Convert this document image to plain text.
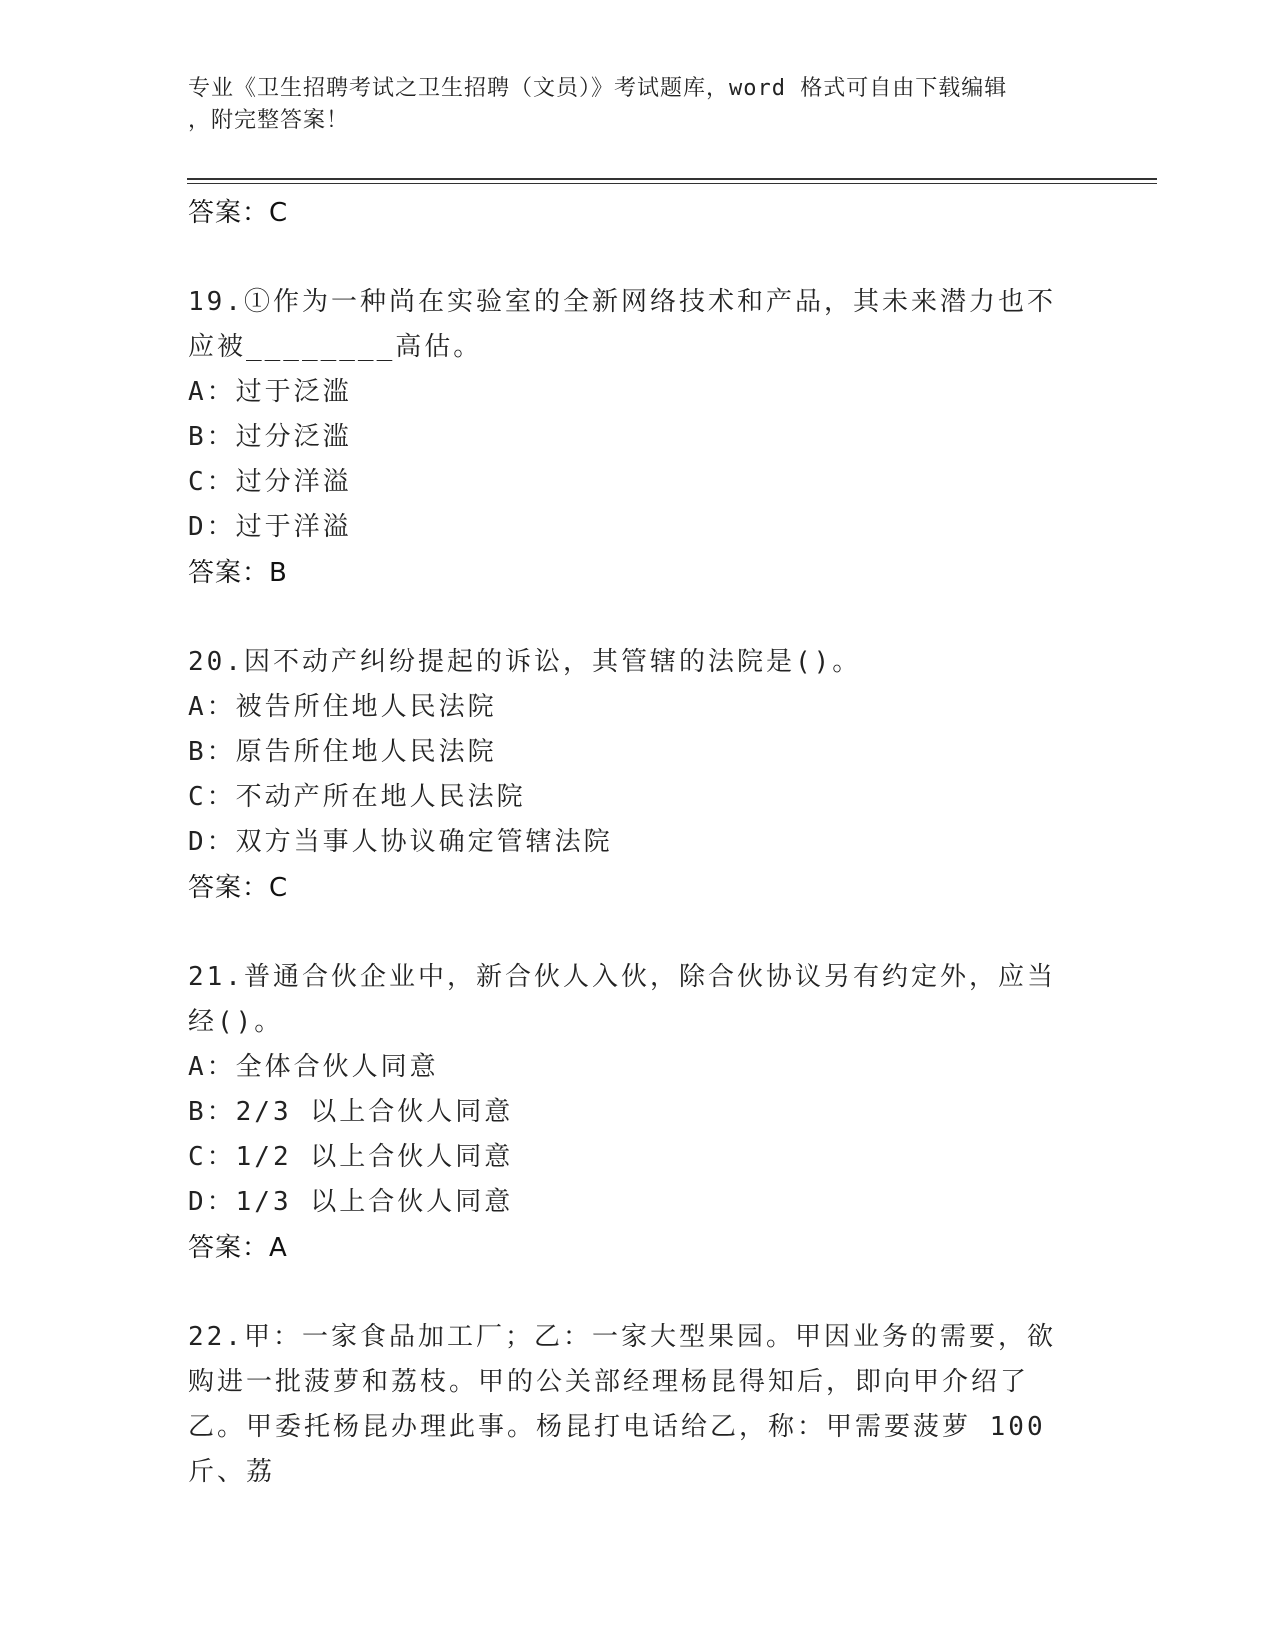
专业《卫生招聘考试之卫生招聘（文员）》考试题库，word 格式可自由下载编辑
，附完整答案！
答案：C
19.①作为一种尚在实验室的全新网络技术和产品，其未来潜力也不应被________高估。
A：过于泛滥
B：过分泛滥
C：过分洋溢
D：过于洋溢
答案：B
20.因不动产纠纷提起的诉讼，其管辖的法院是()。
A：被告所住地人民法院
B：原告所住地人民法院
C：不动产所在地人民法院
D：双方当事人协议确定管辖法院
答案：C
21.普通合伙企业中，新合伙人入伙，除合伙协议另有约定外，应当经()。
A：全体合伙人同意
B：2/3 以上合伙人同意
C：1/2 以上合伙人同意
D：1/3 以上合伙人同意
答案：A
22.甲：一家食品加工厂；乙：一家大型果园。甲因业务的需要，欲购进一批菠萝和荔枝。甲的公关部经理杨昆得知后，即向甲介绍了乙。甲委托杨昆办理此事。杨昆打电话给乙，称：甲需要菠萝 100 斤、荔
